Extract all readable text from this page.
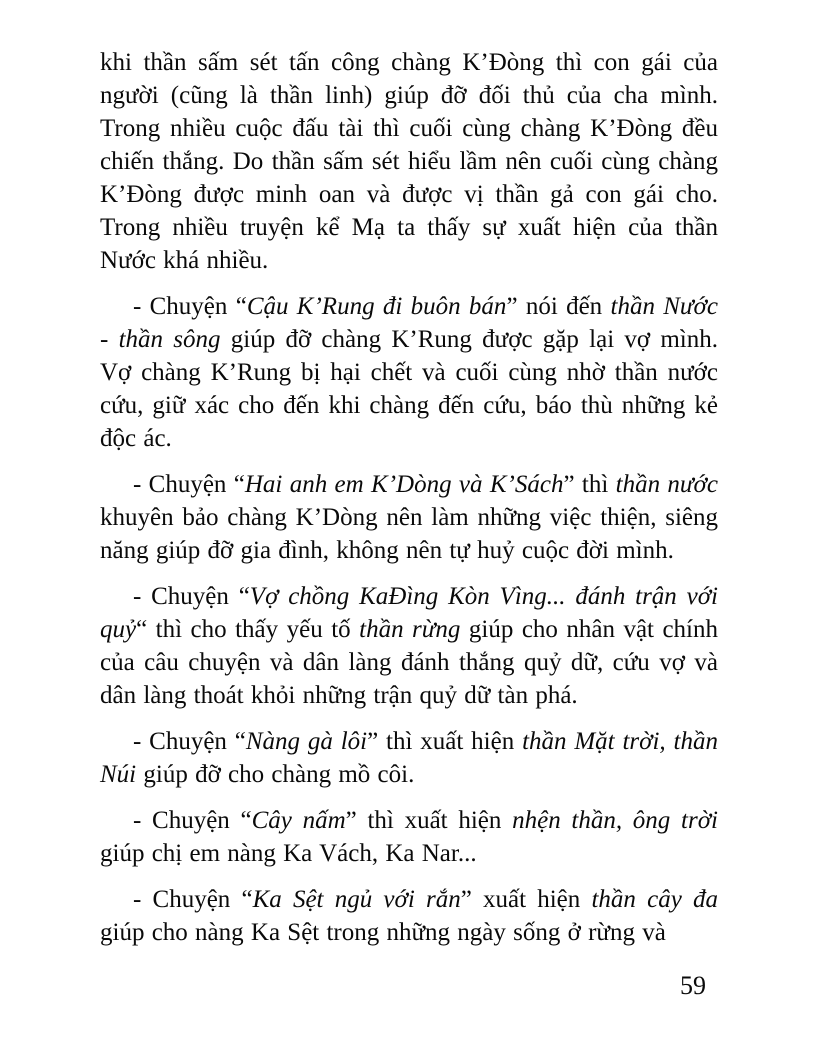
khi thần sấm sét tấn công chàng K’Đòng thì con gái của người (cũng là thần linh) giúp đỡ đối thủ của cha mình. Trong nhiều cuộc đấu tài thì cuối cùng chàng K’Đòng đều chiến thắng. Do thần sấm sét hiểu lầm nên cuối cùng chàng K’Đòng được minh oan và được vị thần gả con gái cho. Trong nhiều truyện kể Mạ ta thấy sự xuất hiện của thần Nước khá nhiều.

- Chuyện “Cậu K’Rung đi buôn bán” nói đến thần Nước - thần sông giúp đỡ chàng K’Rung được gặp lại vợ mình. Vợ chàng K’Rung bị hại chết và cuối cùng nhờ thần nước cứu, giữ xác cho đến khi chàng đến cứu, báo thù những kẻ độc ác.

- Chuyện “Hai anh em K’Dòng và K’Sách” thì thần nước khuyên bảo chàng K’Dòng nên làm những việc thiện, siêng năng giúp đỡ gia đình, không nên tự huỷ cuộc đời mình.

- Chuyện “Vợ chồng KaĐìng Kòn Vìng... đánh trận với quỷ“ thì cho thấy yếu tố thần rừng giúp cho nhân vật chính của câu chuyện và dân làng đánh thắng quỷ dữ, cứu vợ và dân làng thoát khỏi những trận quỷ dữ tàn phá.

- Chuyện “Nàng gà lôi” thì xuất hiện thần Mặt trời, thần Núi giúp đỡ cho chàng mồ côi.

- Chuyện “Cây nấm” thì xuất hiện nhện thần, ông trời giúp chị em nàng Ka Vách, Ka Nar...

- Chuyện “Ka Sệt ngủ với rắn” xuất hiện thần cây đa giúp cho nàng Ka Sệt trong những ngày sống ở rừng và

59
